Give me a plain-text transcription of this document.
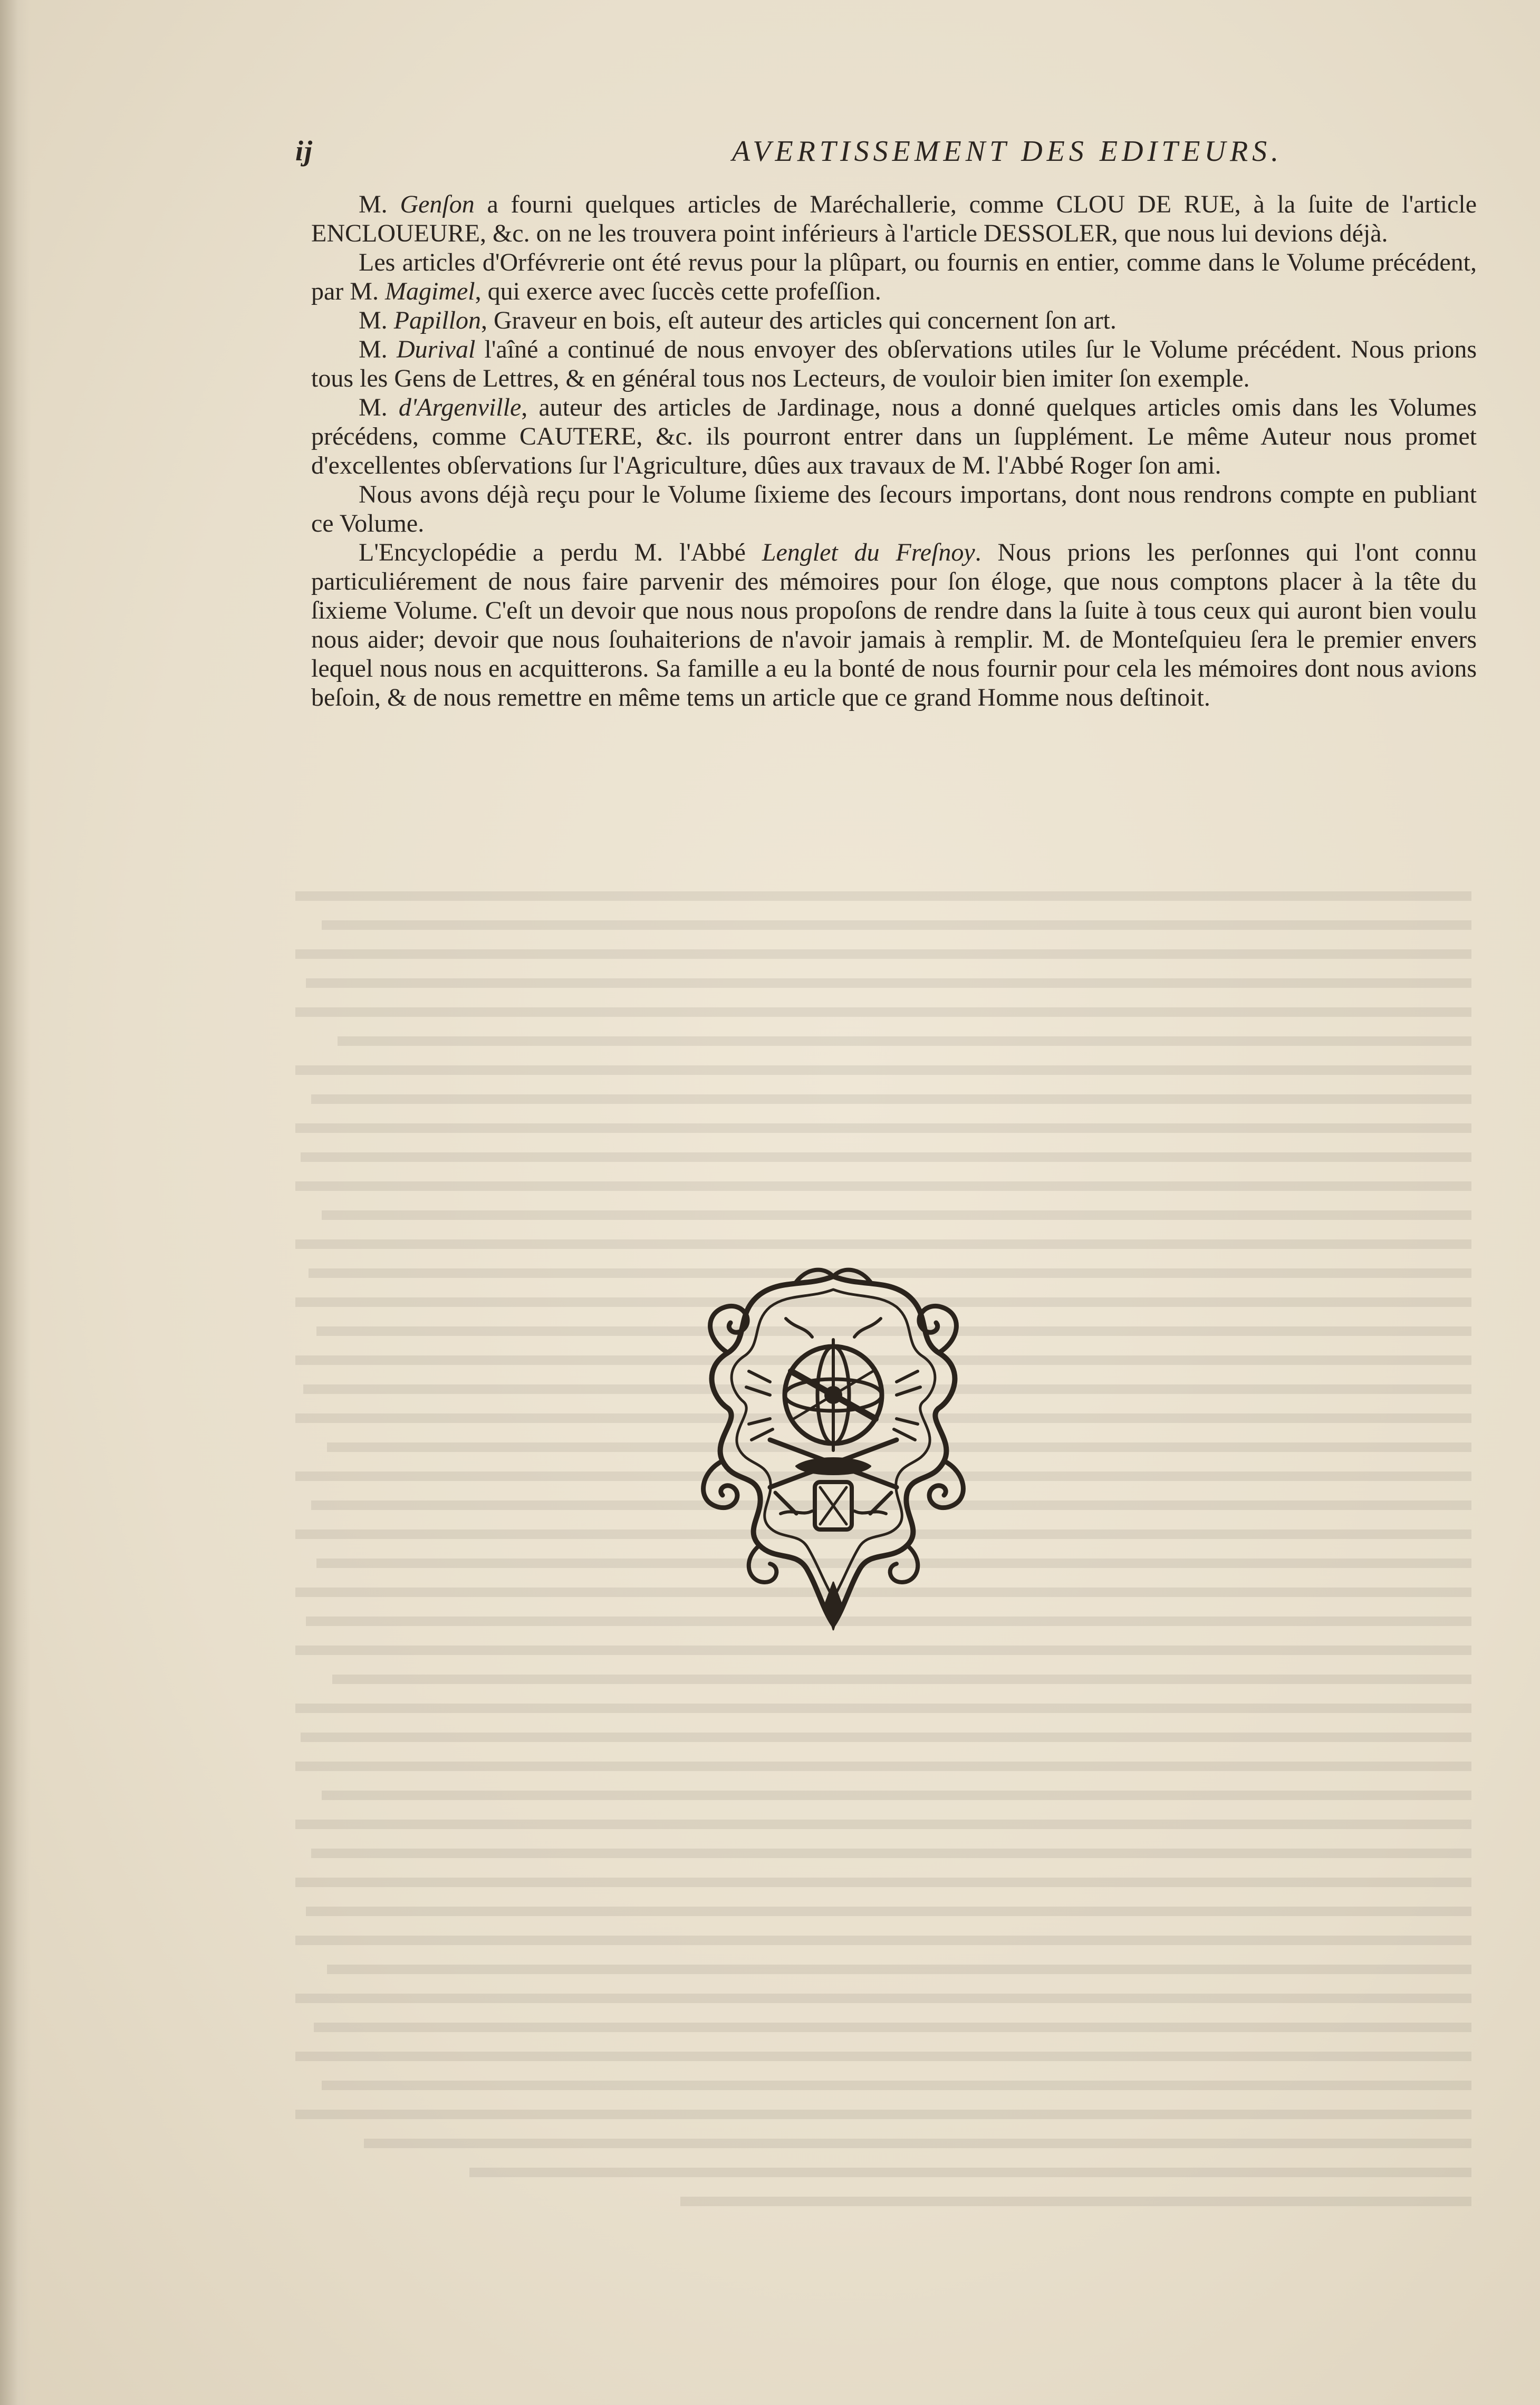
ij	AVERTISSEMENT DES EDITEURS.

M. Genſon a fourni quelques articles de Maréchallerie, comme CLOU DE RUE, à la ſuite de l'article ENCLOUEURE, &c. on ne les trouvera point inférieurs à l'article DESSOLER, que nous lui devions déjà.

Les articles d'Orfévrerie ont été revus pour la plûpart, ou fournis en entier, comme dans le Volume précédent, par M. Magimel, qui exerce avec ſuccès cette profeſſion.

M. Papillon, Graveur en bois, eſt auteur des articles qui concernent ſon art.

M. Durival l'aîné a continué de nous envoyer des obſervations utiles ſur le Volume précédent. Nous prions tous les Gens de Lettres, & en général tous nos Lecteurs, de vouloir bien imiter ſon exemple.

M. d'Argenville, auteur des articles de Jardinage, nous a donné quelques articles omis dans les Volumes précédens, comme CAUTERE, &c. ils pourront entrer dans un ſupplément. Le même Auteur nous promet d'excellentes obſervations ſur l'Agriculture, dûes aux travaux de M. l'Abbé Roger ſon ami.

Nous avons déjà reçu pour le Volume ſixieme des ſecours importans, dont nous rendrons compte en publiant ce Volume.

L'Encyclopédie a perdu M. l'Abbé Lenglet du Freſnoy. Nous prions les perſonnes qui l'ont connu particuliérement de nous faire parvenir des mémoires pour ſon éloge, que nous comptons placer à la tête du ſixieme Volume. C'eſt un devoir que nous nous propoſons de rendre dans la ſuite à tous ceux qui auront bien voulu nous aider; devoir que nous ſouhaiterions de n'avoir jamais à remplir. M. de Monteſquieu ſera le premier envers lequel nous nous en acquitterons. Sa famille a eu la bonté de nous fournir pour cela les mémoires dont nous avions beſoin, & de nous remettre en même tems un article que ce grand Homme nous deſtinoit.
